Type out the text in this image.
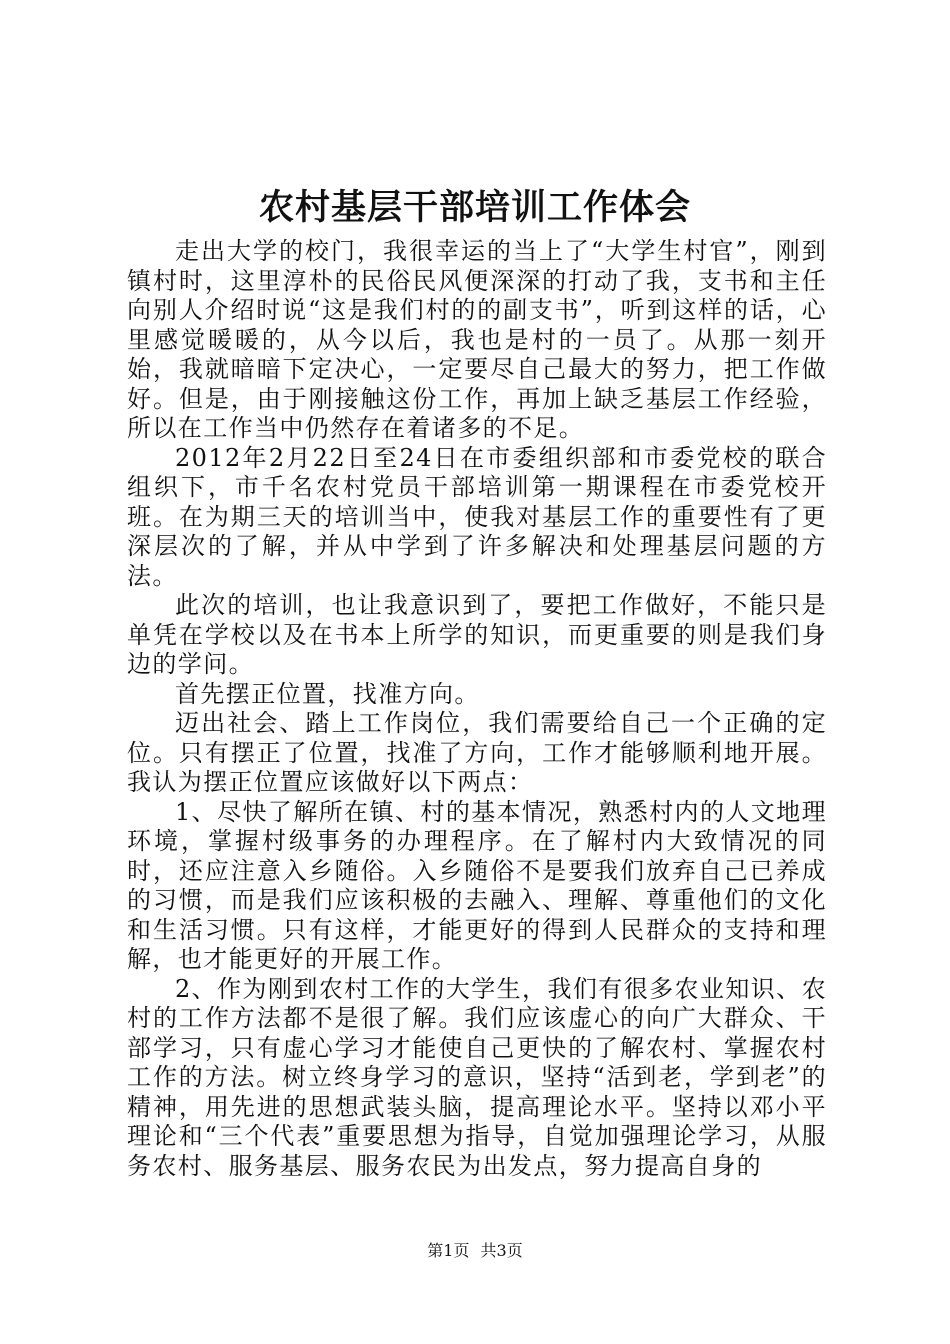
农村基层干部培训工作体会

走出大学的校门，我很幸运的当上了“大学生村官”，刚到镇村时，这里淳朴的民俗民风便深深的打动了我，支书和主任向别人介绍时说“这是我们村的的副支书”，听到这样的话，心里感觉暖暖的，从今以后，我也是村的一员了。从那一刻开始，我就暗暗下定决心，一定要尽自己最大的努力，把工作做好。但是，由于刚接触这份工作，再加上缺乏基层工作经验，所以在工作当中仍然存在着诸多的不足。

2012年2月22日至24日在市委组织部和市委党校的联合组织下，市千名农村党员干部培训第一期课程在市委党校开班。在为期三天的培训当中，使我对基层工作的重要性有了更深层次的了解，并从中学到了许多解决和处理基层问题的方法。

此次的培训，也让我意识到了，要把工作做好，不能只是单凭在学校以及在书本上所学的知识，而更重要的则是我们身边的学问。

首先摆正位置，找准方向。

迈出社会、踏上工作岗位，我们需要给自己一个正确的定位。只有摆正了位置，找准了方向，工作才能够顺利地开展。我认为摆正位置应该做好以下两点：

1、尽快了解所在镇、村的基本情况，熟悉村内的人文地理环境，掌握村级事务的办理程序。在了解村内大致情况的同时，还应注意入乡随俗。入乡随俗不是要我们放弃自己已养成的习惯，而是我们应该积极的去融入、理解、尊重他们的文化和生活习惯。只有这样，才能更好的得到人民群众的支持和理解，也才能更好的开展工作。

2、作为刚到农村工作的大学生，我们有很多农业知识、农村的工作方法都不是很了解。我们应该虚心的向广大群众、干部学习，只有虚心学习才能使自己更快的了解农村、掌握农村工作的方法。树立终身学习的意识，坚持“活到老，学到老”的精神，用先进的思想武装头脑，提高理论水平。坚持以邓小平理论和“三个代表”重要思想为指导，自觉加强理论学习，从服务农村、服务基层、服务农民为出发点，努力提高自身的

第1页 共3页
